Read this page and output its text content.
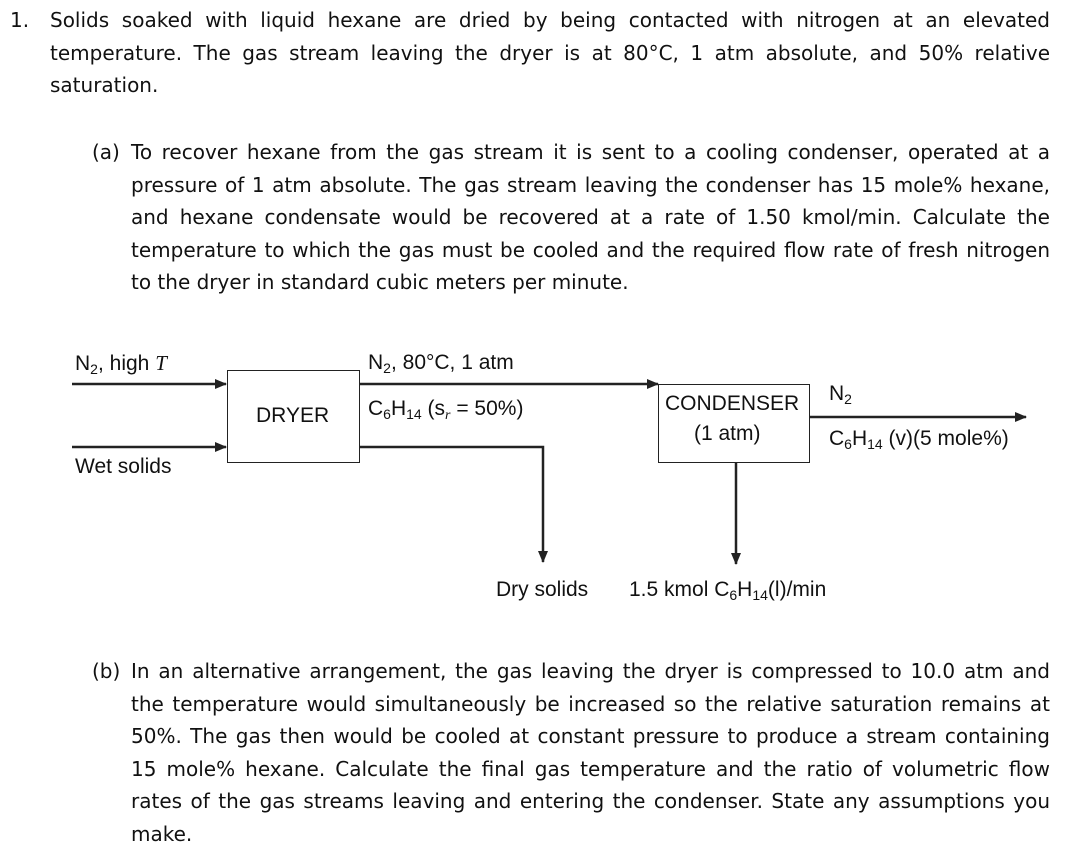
1. Solids soaked with liquid hexane are dried by being contacted with nitrogen at an elevated temperature. The gas stream leaving the dryer is at 80°C, 1 atm absolute, and 50% relative saturation.

(a) To recover hexane from the gas stream it is sent to a cooling condenser, operated at a pressure of 1 atm absolute. The gas stream leaving the condenser has 15 mole% hexane, and hexane condensate would be recovered at a rate of 1.50 kmol/min. Calculate the temperature to which the gas must be cooled and the required flow rate of fresh nitrogen to the dryer in standard cubic meters per minute.

DRYER
CONDENSER
(1 atm)
$N_2$, high T
Wet solids
$N_2$, 80°C, 1 atm
$C_6H_{14}$ $(s_r = 50\%)$
$N_2$
$C_6H_{14}$ (v)(5 mole%)
Dry solids 1.5 kmol $C_6H_{14}(l)/\min$
(b) In an alternative arrangement, the gas leaving the dryer is compressed to 10.0 atm and the temperature would simultaneously be increased so the relative saturation remains at 50%. The gas then would be cooled at constant pressure to produce a stream containing 15 mole% hexane. Calculate the final gas temperature and the ratio of volumetric flow rates of the gas streams leaving and entering the condenser. State any assumptions you make.
